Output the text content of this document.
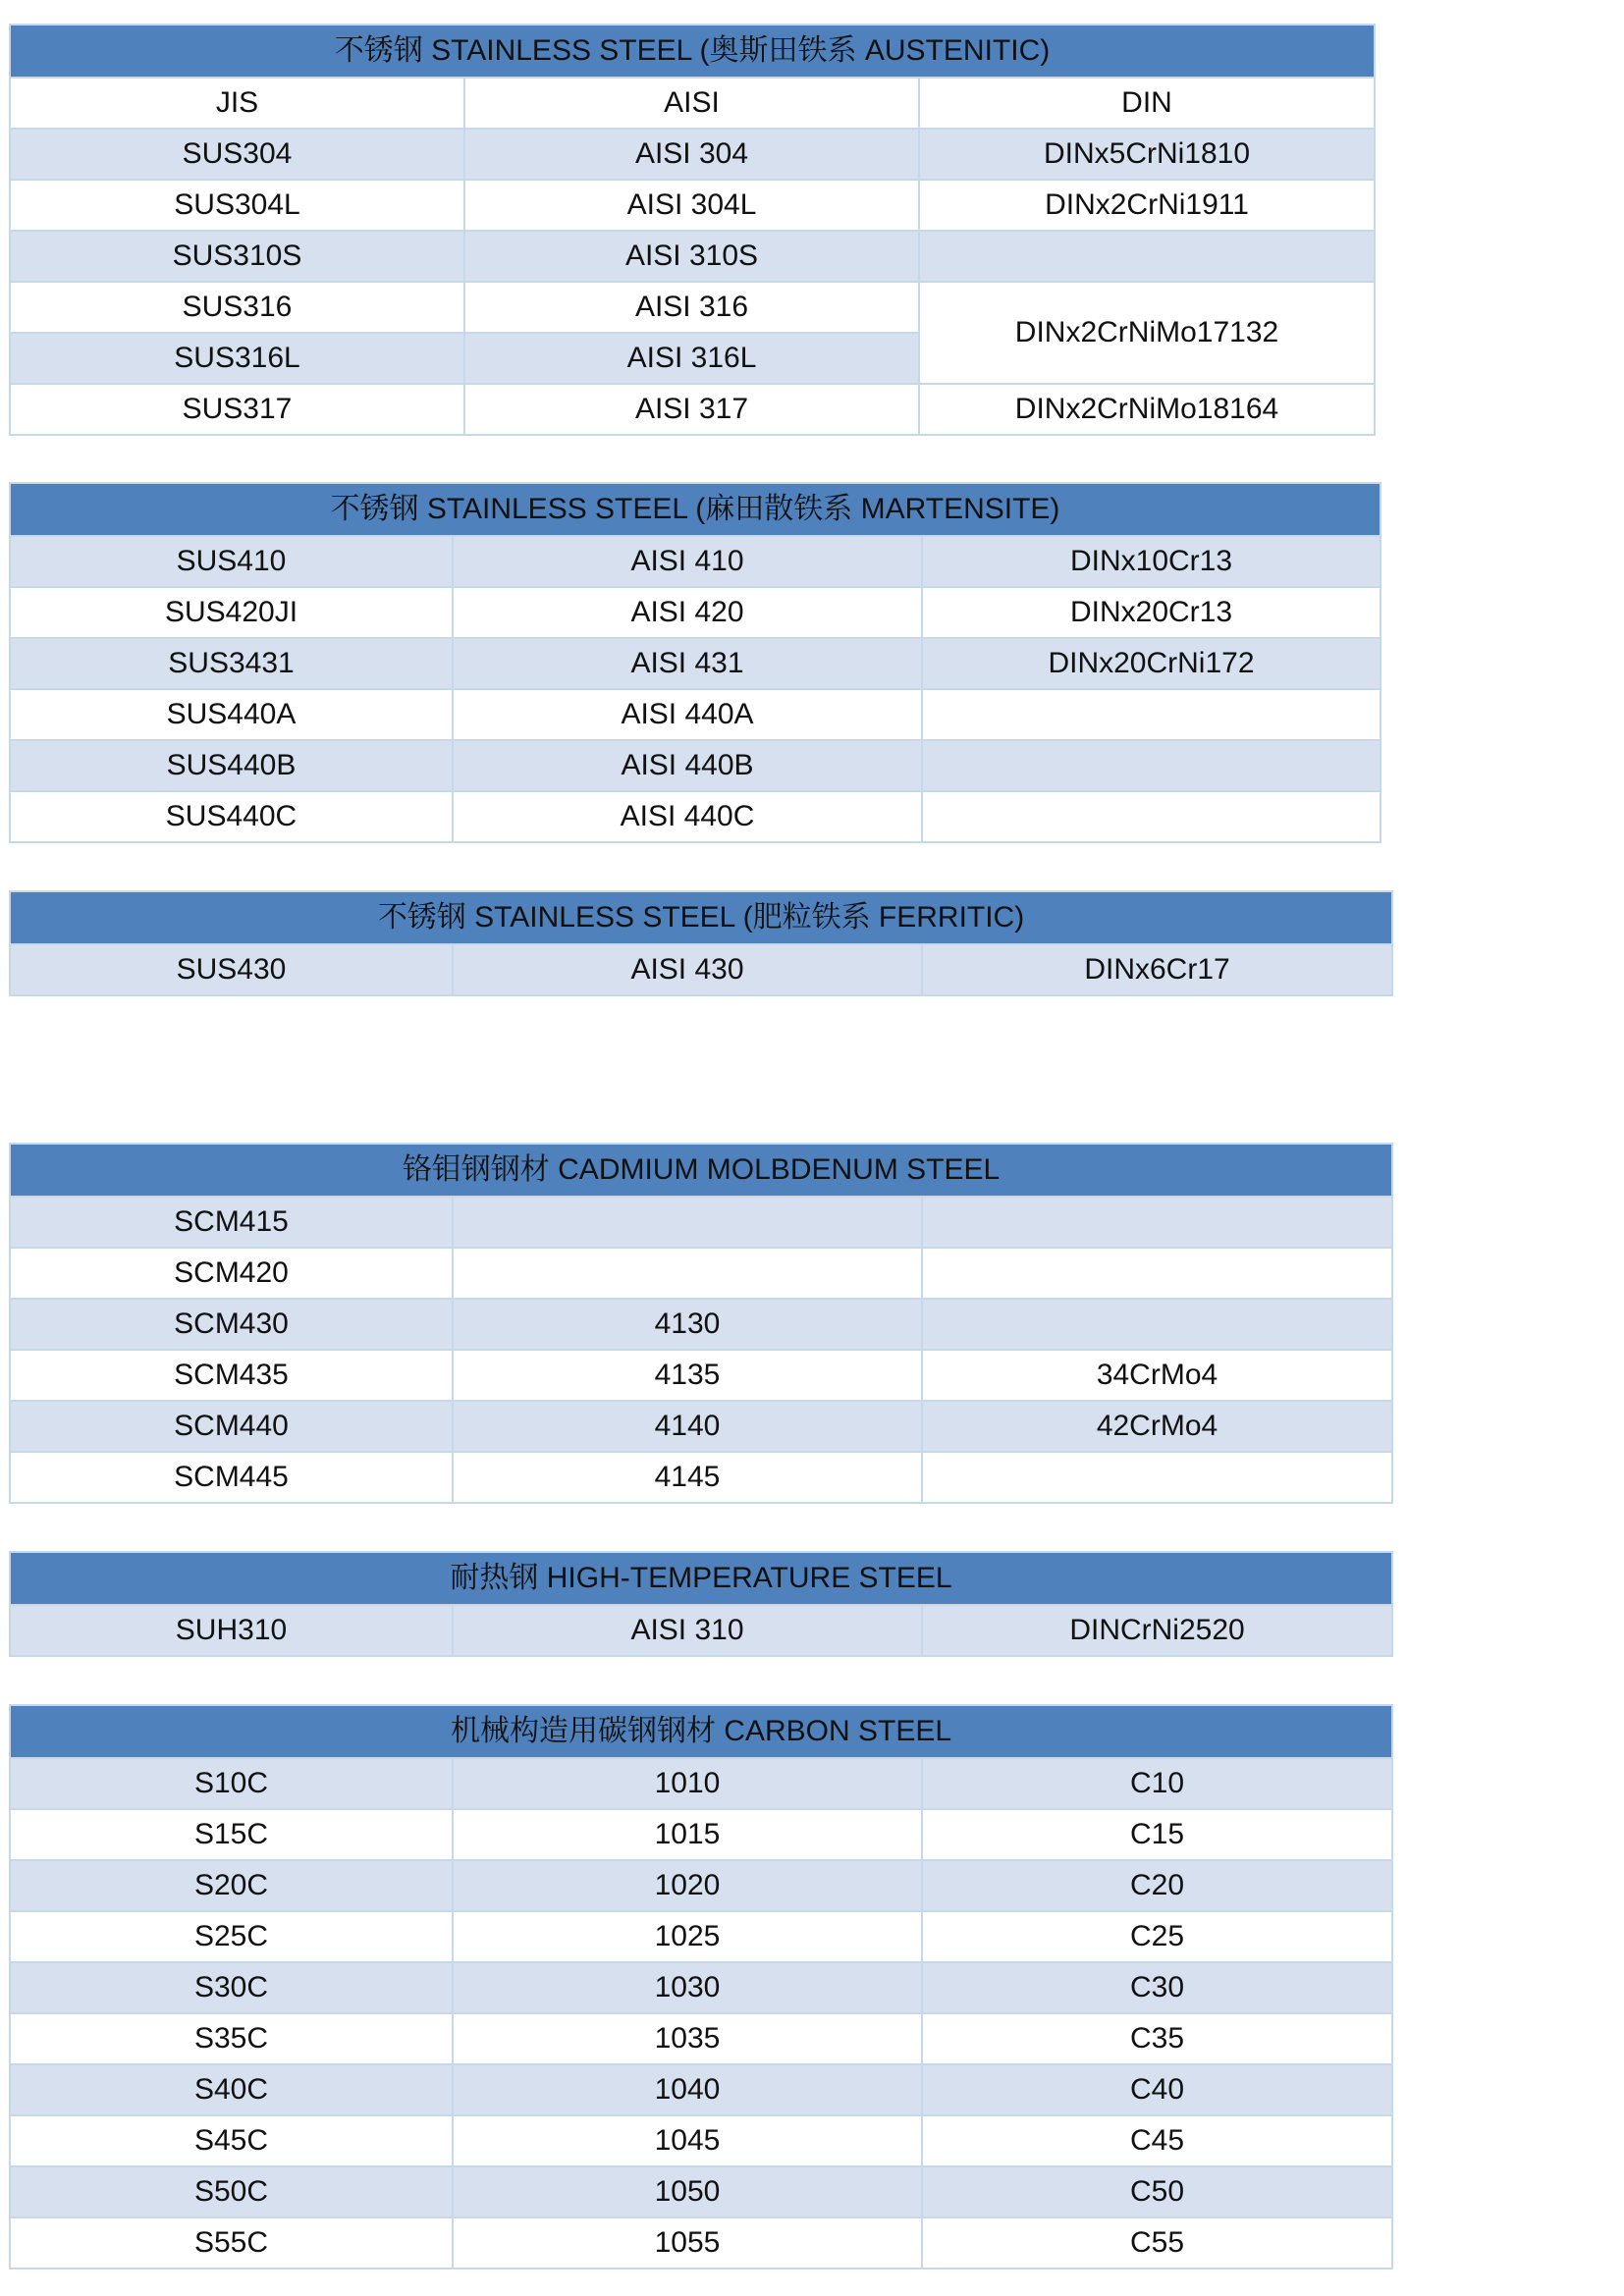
不锈钢 STAINLESS STEEL (奥斯田铁系 AUSTENITIC)		
JIS	AISI	DIN
SUS304	AISI 304	DINx5CrNi1810
SUS304L	AISI 304L	DINx2CrNi1911
SUS310S	AISI 310S	
SUS316	AISI 316	DINx2CrNiMo17132
SUS316L	AISI 316L	
SUS317	AISI 317	DINx2CrNiMo18164
不锈钢 STAINLESS STEEL (麻田散铁系 MARTENSITE)		
SUS410	AISI 410	DINx10Cr13
SUS420JI	AISI 420	DINx20Cr13
SUS3431	AISI 431	DINx20CrNi172
SUS440A	AISI 440A	
SUS440B	AISI 440B	
SUS440C	AISI 440C	
不锈钢 STAINLESS STEEL (肥粒铁系 FERRITIC)
SUS430	AISI 430	DINx6Cr17
铬钼钢钢材 CADMIUM MOLBDENUM STEEL		
SCM415		
SCM420		
SCM430	4130	
SCM435	4135	34CrMo4
SCM440	4140	42CrMo4
SCM445	4145	
耐热钢 HIGH-TEMPERATURE STEEL
SUH310	AISI 310	DINCrNi2520
机械构造用碳钢钢材 CARBON STEEL		
S10C	1010	C10
S15C	1015	C15
S20C	1020	C20
S25C	1025	C25
S30C	1030	C30
S35C	1035	C35
S40C	1040	C40
S45C	1045	C45
S50C	1050	C50
S55C	1055	C55
